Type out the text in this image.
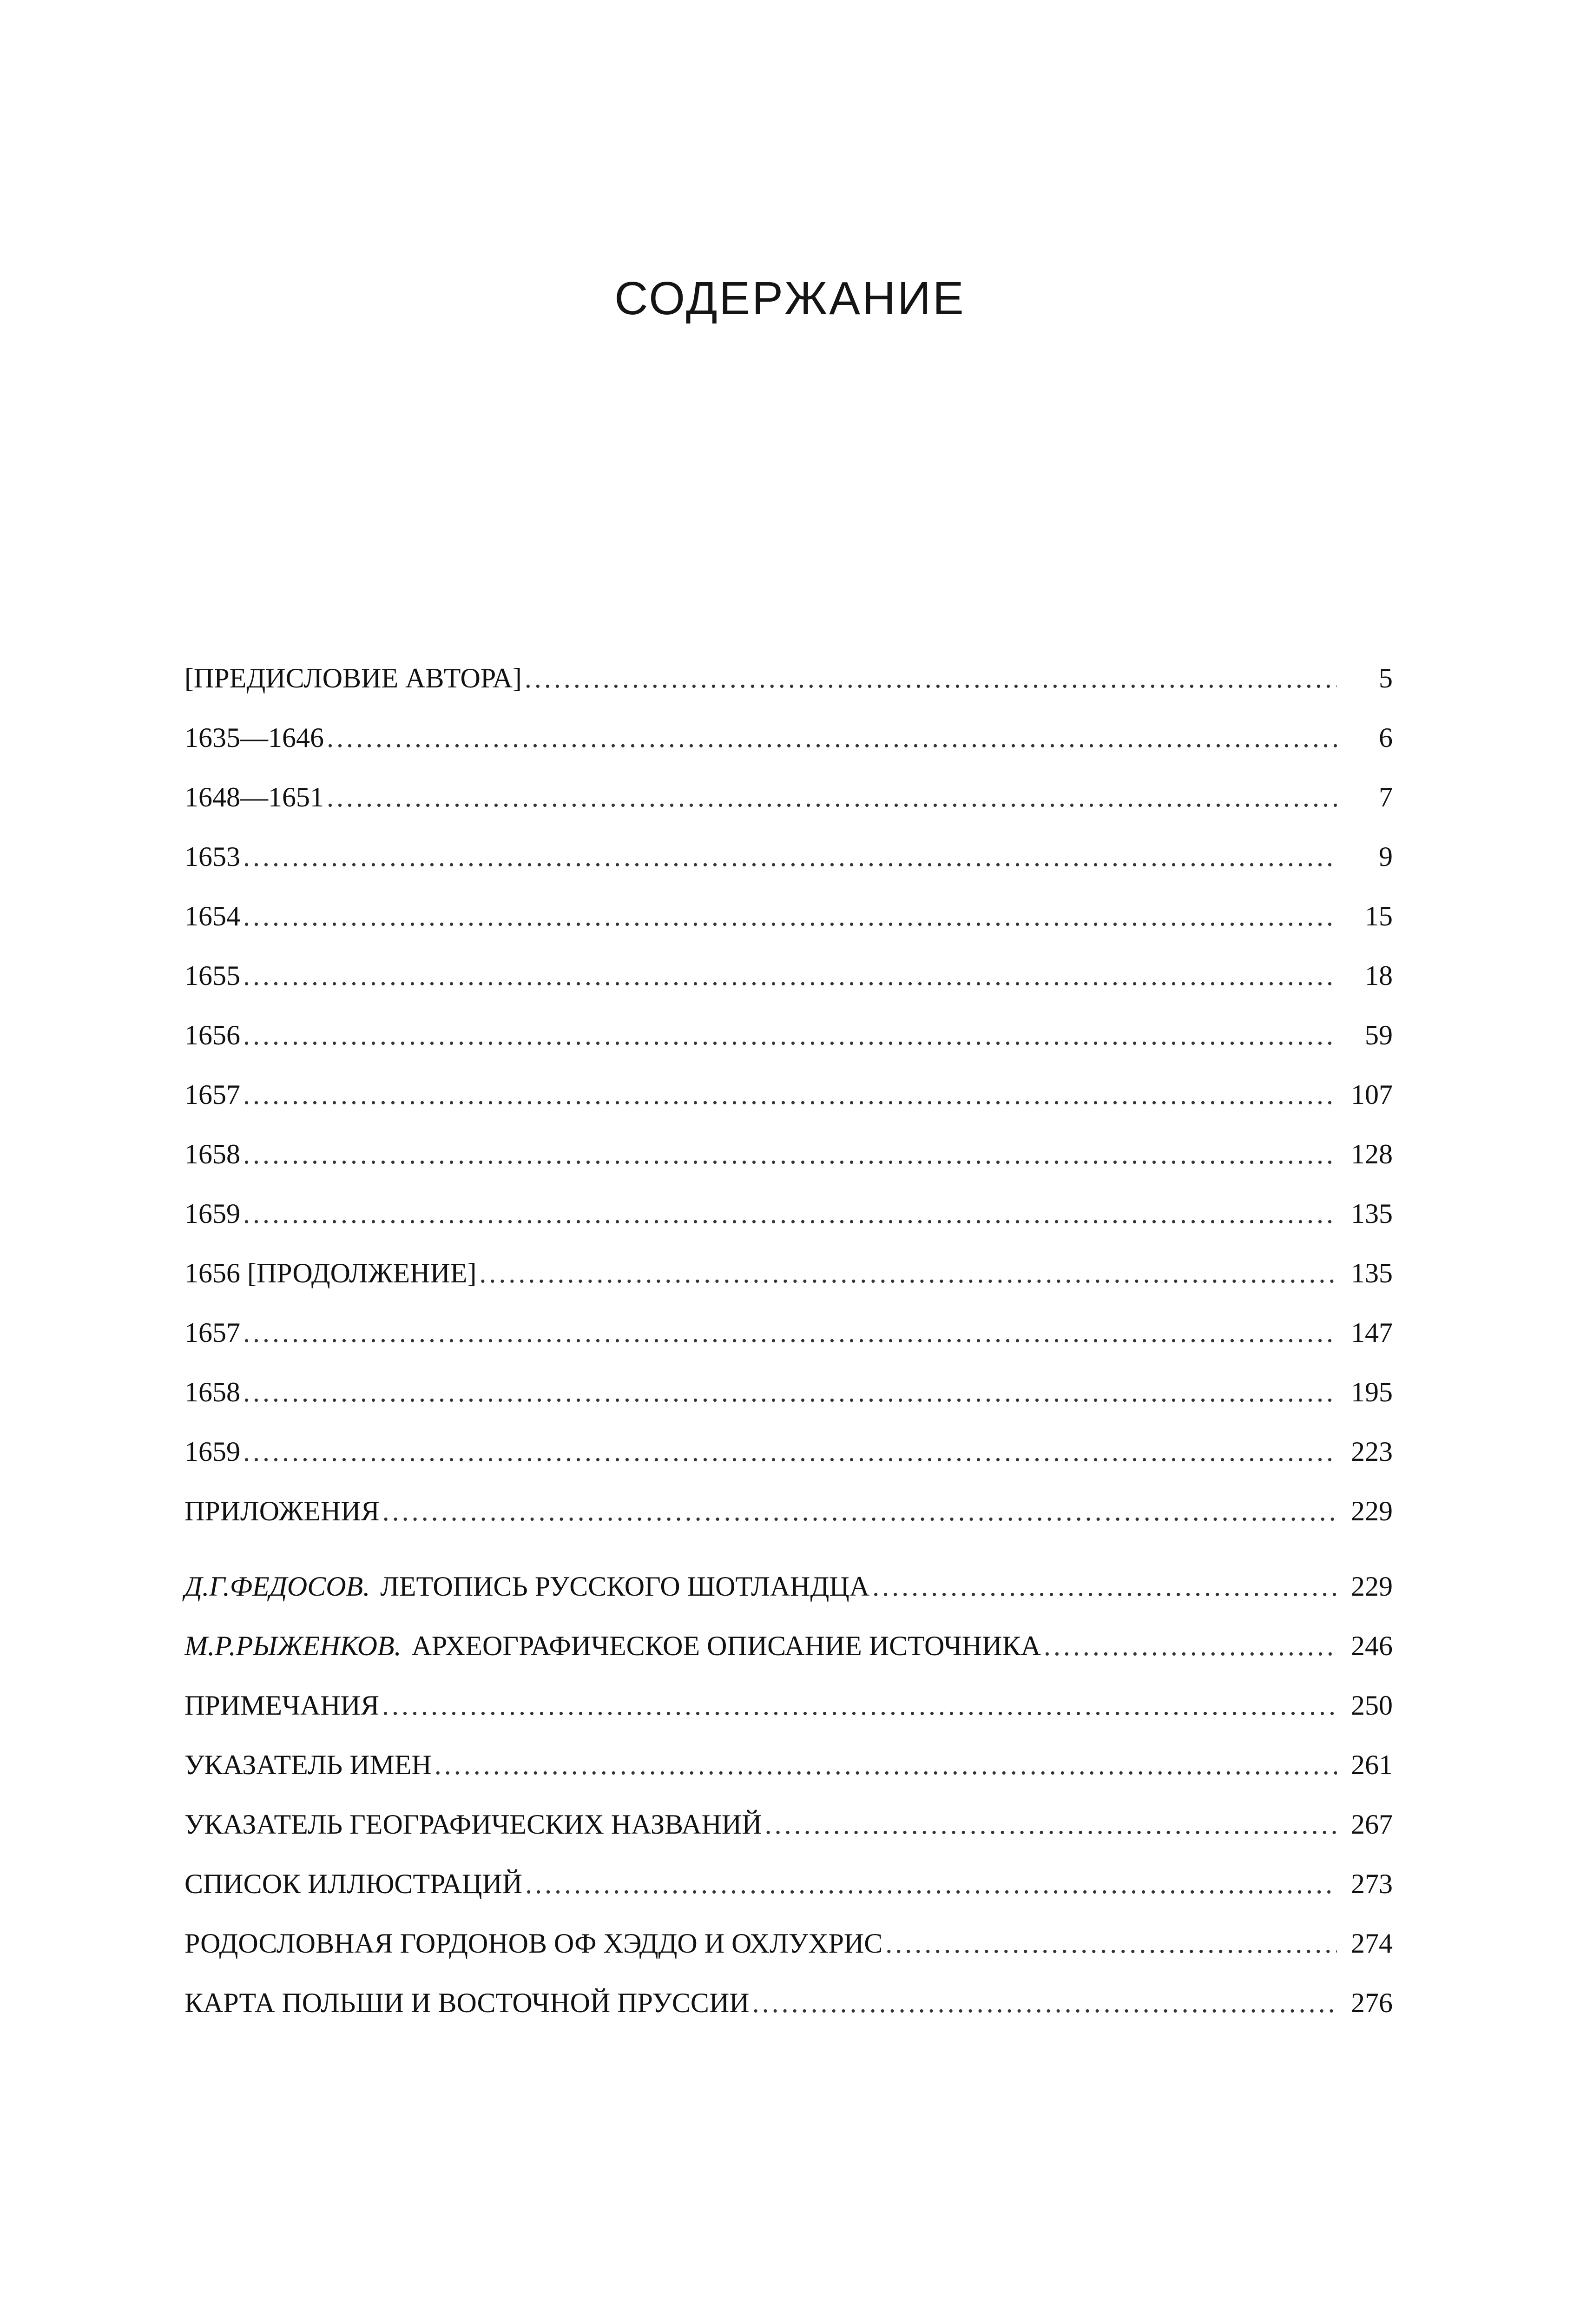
СОДЕРЖАНИЕ
[ПРЕДИСЛОВИЕ АВТОРА] .....	5
1635—1646 .....	6
1648—1651 .....	7
1653 .....	9
1654 .....	15
1655 .....	18
1656 .....	59
1657 .....	107
1658 .....	128
1659 .....	135
1656 [ПРОДОЛЖЕНИЕ] .....	135
1657 .....	147
1658 .....	195
1659 .....	223
ПРИЛОЖЕНИЯ .....	229
Д.Г.ФЕДОСОВ. ЛЕТОПИСЬ РУССКОГО ШОТЛАНДЦА .....	229
М.Р.РЫЖЕНКОВ. АРХЕОГРАФИЧЕСКОЕ ОПИСАНИЕ ИСТОЧНИКА .....	246
ПРИМЕЧАНИЯ .....	250
УКАЗАТЕЛЬ ИМЕН .....	261
УКАЗАТЕЛЬ ГЕОГРАФИЧЕСКИХ НАЗВАНИЙ .....	267
СПИСОК ИЛЛЮСТРАЦИЙ .....	273
РОДОСЛОВНАЯ ГОРДОНОВ ОФ ХЭДДО И ОХЛУХРИС .....	274
КАРТА ПОЛЬШИ И ВОСТОЧНОЙ ПРУССИИ .....	276
